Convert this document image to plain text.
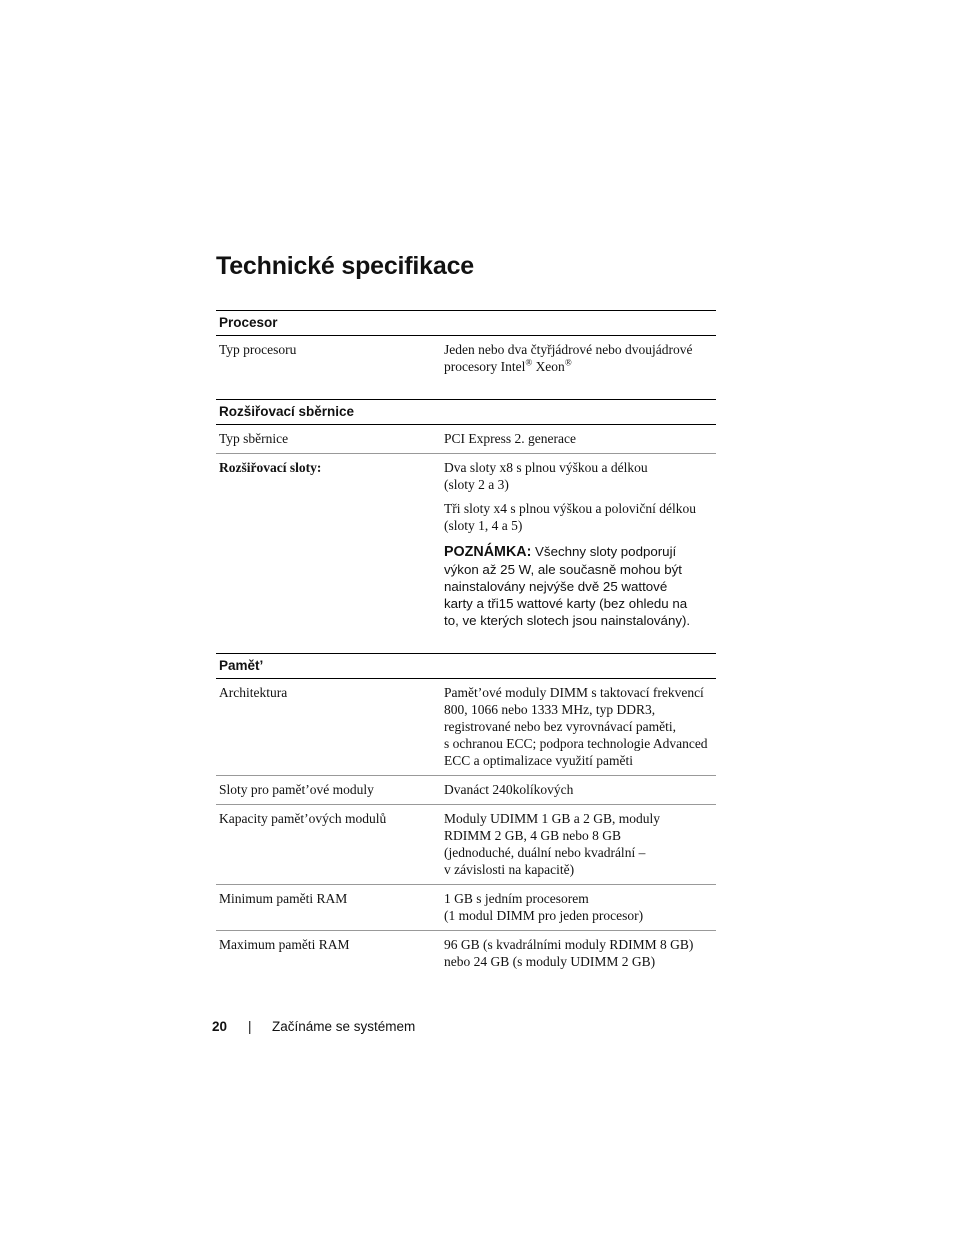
Technické specifikace
Procesor
Typ procesoru	Jeden nebo dva čtyřjádrové nebo dvoujádrové
procesory Intel® Xeon®
Rozšiřovací sběrnice
Typ sběrnice	PCI Express 2. generace
Rozšiřovací sloty:	Dva sloty x8 s plnou výškou a délkou
(sloty 2 a 3)
Tři sloty x4 s plnou výškou a poloviční délkou
(sloty 1, 4 a 5)
POZNÁMKA: Všechny sloty podporují
výkon až 25 W, ale současně mohou být
nainstalovány nejvýše dvě 25 wattové
karty a tři15 wattové karty (bez ohledu na
to, ve kterých slotech jsou nainstalovány).
Pamět’
Architektura	Pamět’ové moduly DIMM s taktovací frekvencí
800, 1066 nebo 1333 MHz, typ DDR3,
registrované nebo bez vyrovnávací paměti,
s ochranou ECC; podpora technologie Advanced
ECC a optimalizace využití paměti
Sloty pro pamět’ové moduly	Dvanáct 240kolíkových
Kapacity pamět’ových modulů	Moduly UDIMM 1 GB a 2 GB, moduly
RDIMM 2 GB, 4 GB nebo 8 GB
(jednoduché, duální nebo kvadrální –
v závislosti na kapacitě)
Minimum paměti RAM	1 GB s jedním procesorem
(1 modul DIMM pro jeden procesor)
Maximum paměti RAM	96 GB (s kvadrálními moduly RDIMM 8 GB)
nebo 24 GB (s moduly UDIMM 2 GB)
20	|	Začínáme se systémem
